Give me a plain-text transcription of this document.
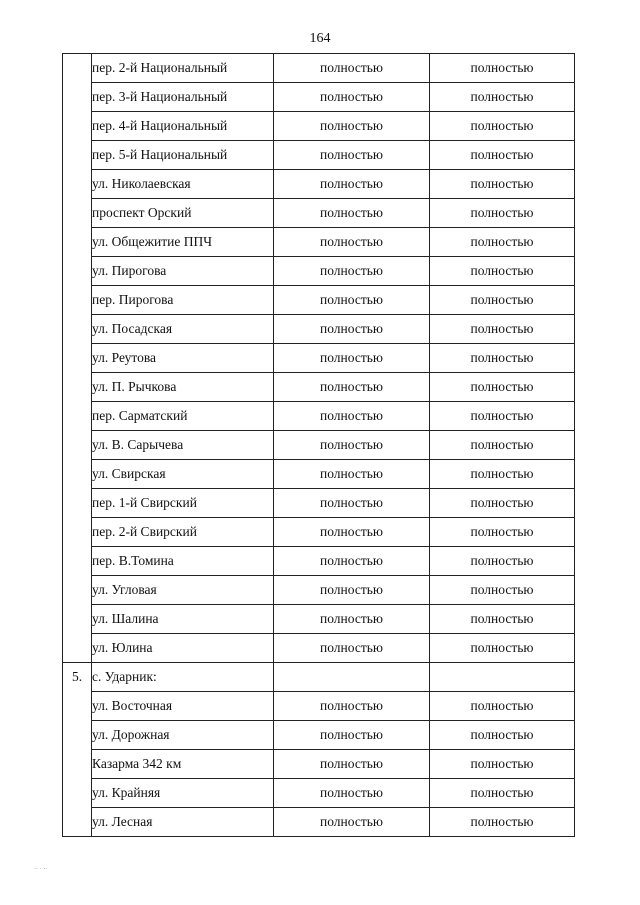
164
	пер. 2-й Национальный	полностью	полностью
	пер. 3-й Национальный	полностью	полностью
	пер. 4-й Национальный	полностью	полностью
	пер. 5-й Национальный	полностью	полностью
	ул. Николаевская	полностью	полностью
	проспект Орский	полностью	полностью
	ул. Общежитие ППЧ	полностью	полностью
	ул. Пирогова	полностью	полностью
	пер. Пирогова	полностью	полностью
	ул. Посадская	полностью	полностью
	ул. Реутова	полностью	полностью
	ул. П. Рычкова	полностью	полностью
	пер. Сарматский	полностью	полностью
	ул. В. Сарычева	полностью	полностью
	ул. Свирская	полностью	полностью
	пер. 1-й Свирский	полностью	полностью
	пер. 2-й Свирский	полностью	полностью
	пер. В.Томина	полностью	полностью
	ул. Угловая	полностью	полностью
	ул. Шалина	полностью	полностью
	ул. Юлина	полностью	полностью
5.	с. Ударник:		
	ул. Восточная	полностью	полностью
	ул. Дорожная	полностью	полностью
	Казарма 342 км	полностью	полностью
	ул. Крайняя	полностью	полностью
	ул. Лесная	полностью	полностью
·· · ··
